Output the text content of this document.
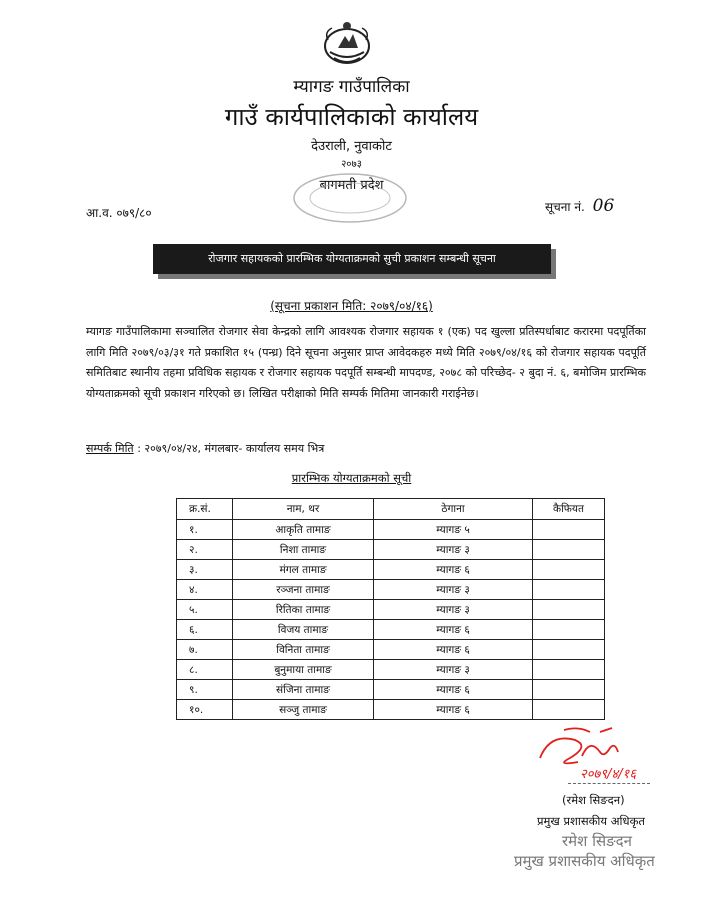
म्यागङ गाउँपालिका
गाउँ कार्यपालिकाको कार्यालय
देउराली, नुवाकोट
२०७३
बागमती प्रदेश
आ.व. ०७९/८०	सूचना नं. 06
रोजगार सहायकको प्रारम्भिक योग्यताक्रमको सुची प्रकाशन सम्बन्धी सूचना
(सूचना प्रकाशन मिति: २०७९/०४/१६)
म्यागङ गाउँपालिकामा सञ्चालित रोजगार सेवा केन्द्रको लागि आवश्यक रोजगार सहायक १ (एक) पद खुल्ला प्रतिस्पर्धाबाट करारमा पदपूर्तिका लागि मिति २०७९/०३/३१ गते प्रकाशित १५ (पन्ध्र) दिने सूचना अनुसार प्राप्त आवेदकहरु मध्ये मिति २०७९/०४/१६ को रोजगार सहायक पदपूर्ति समितिबाट स्थानीय तहमा प्रविधिक सहायक र रोजगार सहायक पदपूर्ति सम्बन्धी मापदण्ड, २०७८ को परिच्छेद- २ बुदा नं. ६, बमोजिम प्रारम्भिक योग्यताक्रमको सूची प्रकाशन गरिएको छ। लिखित परीक्षाको मिति सम्पर्क मितिमा जानकारी गराईनेछ।
सम्पर्क मिति : २०७९/०४/२४, मंगलबार- कार्यालय समय भित्र
प्रारम्भिक योग्यताक्रमको सूची
क्र.सं.	नाम, थर	ठेगाना	कैफियत
१.	आकृति तामाङ	म्यागङ ५	
२.	निशा तामाङ	म्यागङ ३	
३.	मंगल तामाङ	म्यागङ ६	
४.	रञ्जना तामाङ	म्यागङ ३	
५.	रितिका तामाङ	म्यागङ ३	
६.	विजय तामाङ	म्यागङ ६	
७.	विनिता तामाङ	म्यागङ ६	
८.	बुनुमाया तामाङ	म्यागङ ३	
९.	संजिना तामाङ	म्यागङ ६	
१०.	सञ्जु तामाङ	म्यागङ ६	
२०७९/४/१६
(रमेश सिङदन)
प्रमुख प्रशासकीय अधिकृत
रमेश सिङदन
प्रमुख प्रशासकीय अधिकृत
